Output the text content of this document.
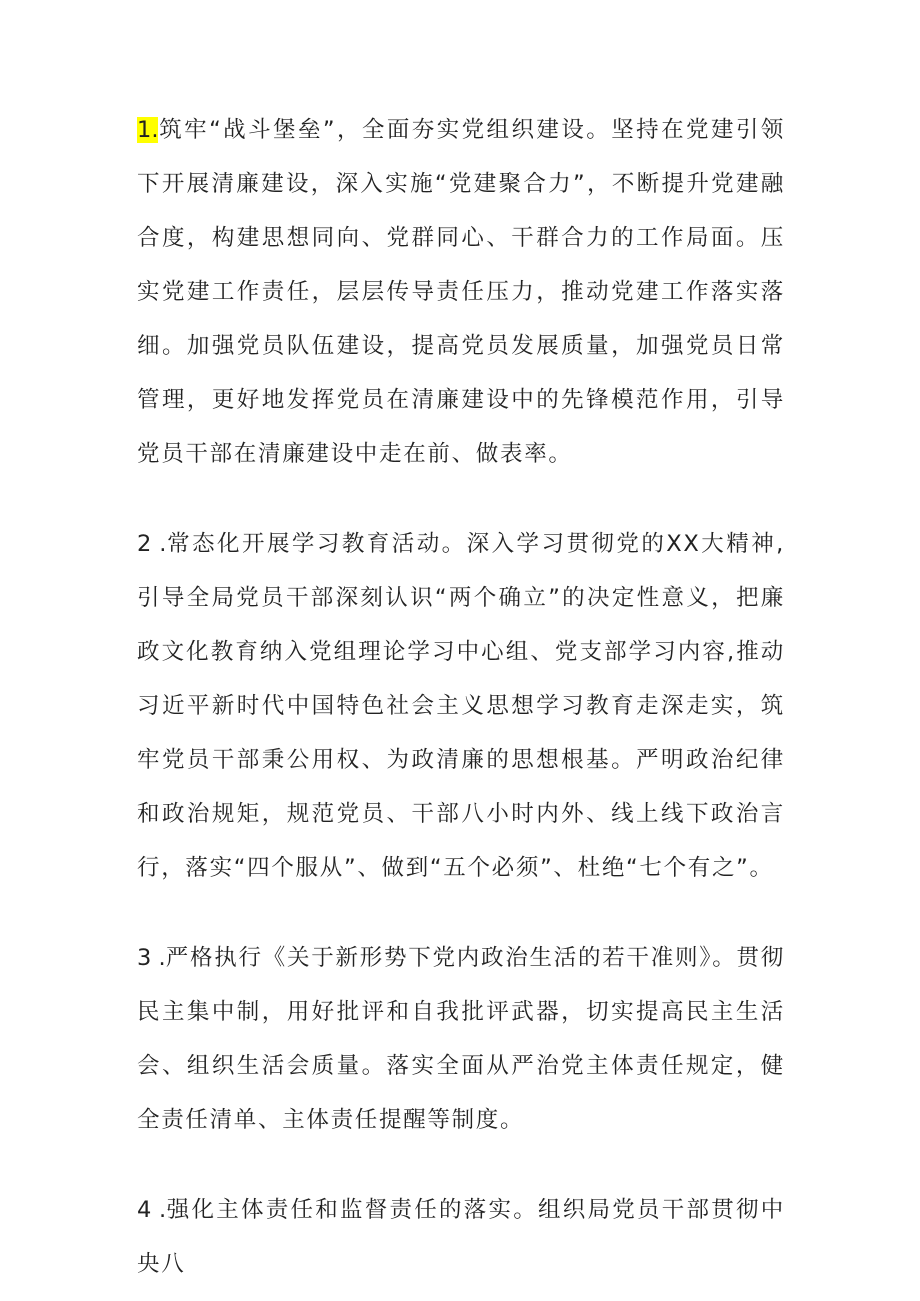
1.筑牢“战斗堡垒”，全面夯实党组织建设。坚持在党建引领下开展清廉建设，深入实施“党建聚合力”，不断提升党建融合度，构建思想同向、党群同心、干群合力的工作局面。压实党建工作责任，层层传导责任压力，推动党建工作落实落细。加强党员队伍建设，提高党员发展质量，加强党员日常管理，更好地发挥党员在清廉建设中的先锋模范作用，引导党员干部在清廉建设中走在前、做表率。

2 .常态化开展学习教育活动。深入学习贯彻党的XX大精神,引导全局党员干部深刻认识“两个确立”的决定性意义，把廉政文化教育纳入党组理论学习中心组、党支部学习内容,推动习近平新时代中国特色社会主义思想学习教育走深走实，筑牢党员干部秉公用权、为政清廉的思想根基。严明政治纪律和政治规矩，规范党员、干部八小时内外、线上线下政治言行，落实“四个服从”、做到“五个必须”、杜绝“七个有之”。

3 .严格执行《关于新形势下党内政治生活的若干准则》。贯彻民主集中制，用好批评和自我批评武器，切实提高民主生活会、组织生活会质量。落实全面从严治党主体责任规定，健全责任清单、主体责任提醒等制度。

4 .强化主体责任和监督责任的落实。组织局党员干部贯彻中央八
